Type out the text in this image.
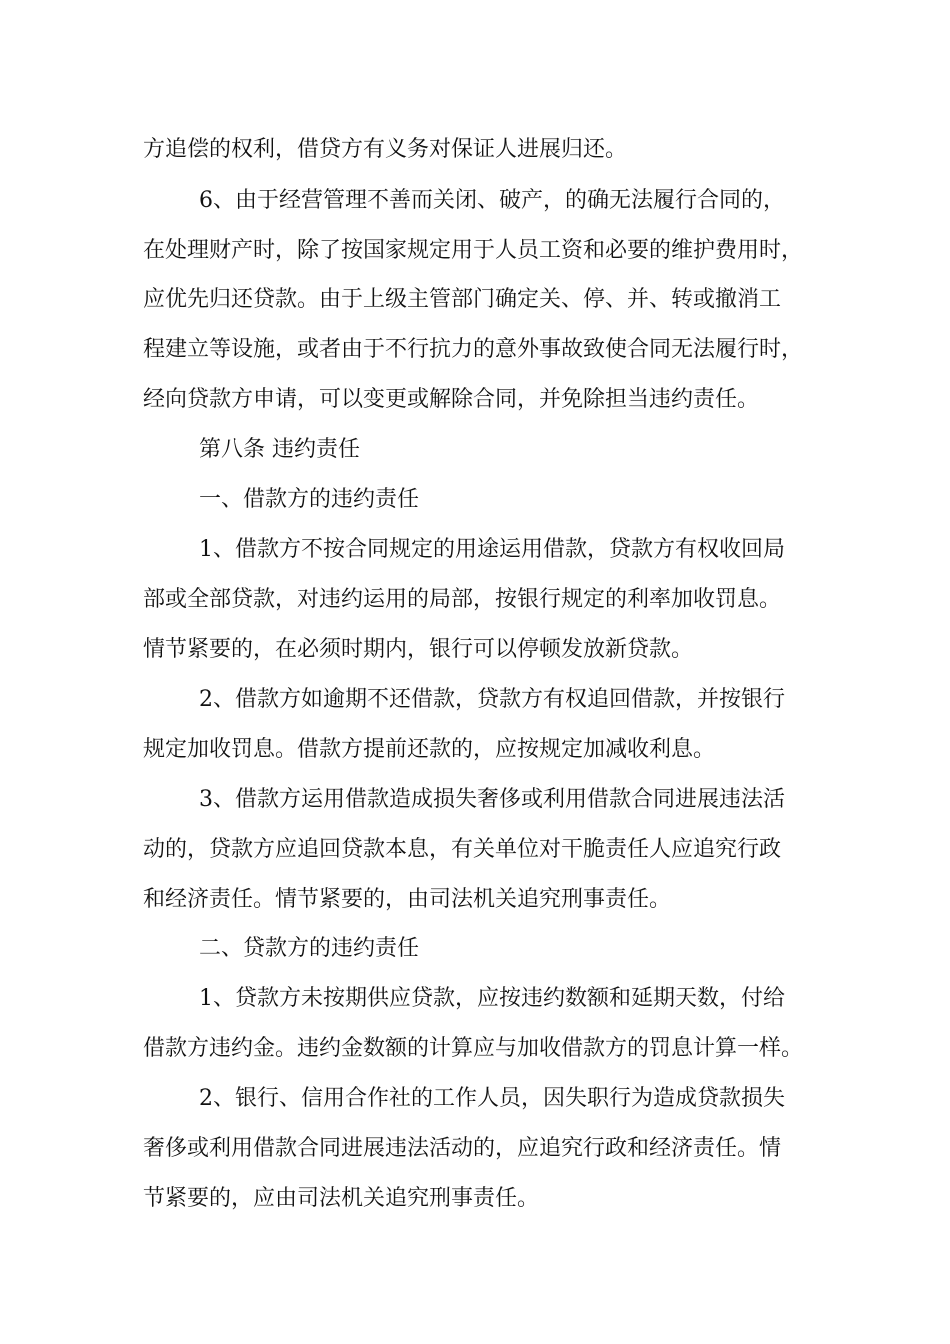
方追偿的权利，借贷方有义务对保证人进展归还。

6、由于经营管理不善而关闭、破产，的确无法履行合同的，

在处理财产时，除了按国家规定用于人员工资和必要的维护费用时，

应优先归还贷款。由于上级主管部门确定关、停、并、转或撤消工

程建立等设施，或者由于不行抗力的意外事故致使合同无法履行时，

经向贷款方申请，可以变更或解除合同，并免除担当违约责任。

第八条 违约责任

一、借款方的违约责任

1、借款方不按合同规定的用途运用借款，贷款方有权收回局

部或全部贷款，对违约运用的局部，按银行规定的利率加收罚息。

情节紧要的，在必须时期内，银行可以停顿发放新贷款。

2、借款方如逾期不还借款，贷款方有权追回借款，并按银行

规定加收罚息。借款方提前还款的，应按规定加减收利息。

3、借款方运用借款造成损失奢侈或利用借款合同进展违法活

动的，贷款方应追回贷款本息，有关单位对干脆责任人应追究行政

和经济责任。情节紧要的，由司法机关追究刑事责任。

二、贷款方的违约责任

1、贷款方未按期供应贷款，应按违约数额和延期天数，付给

借款方违约金。违约金数额的计算应与加收借款方的罚息计算一样。

2、银行、信用合作社的工作人员，因失职行为造成贷款损失

奢侈或利用借款合同进展违法活动的，应追究行政和经济责任。情

节紧要的，应由司法机关追究刑事责任。
